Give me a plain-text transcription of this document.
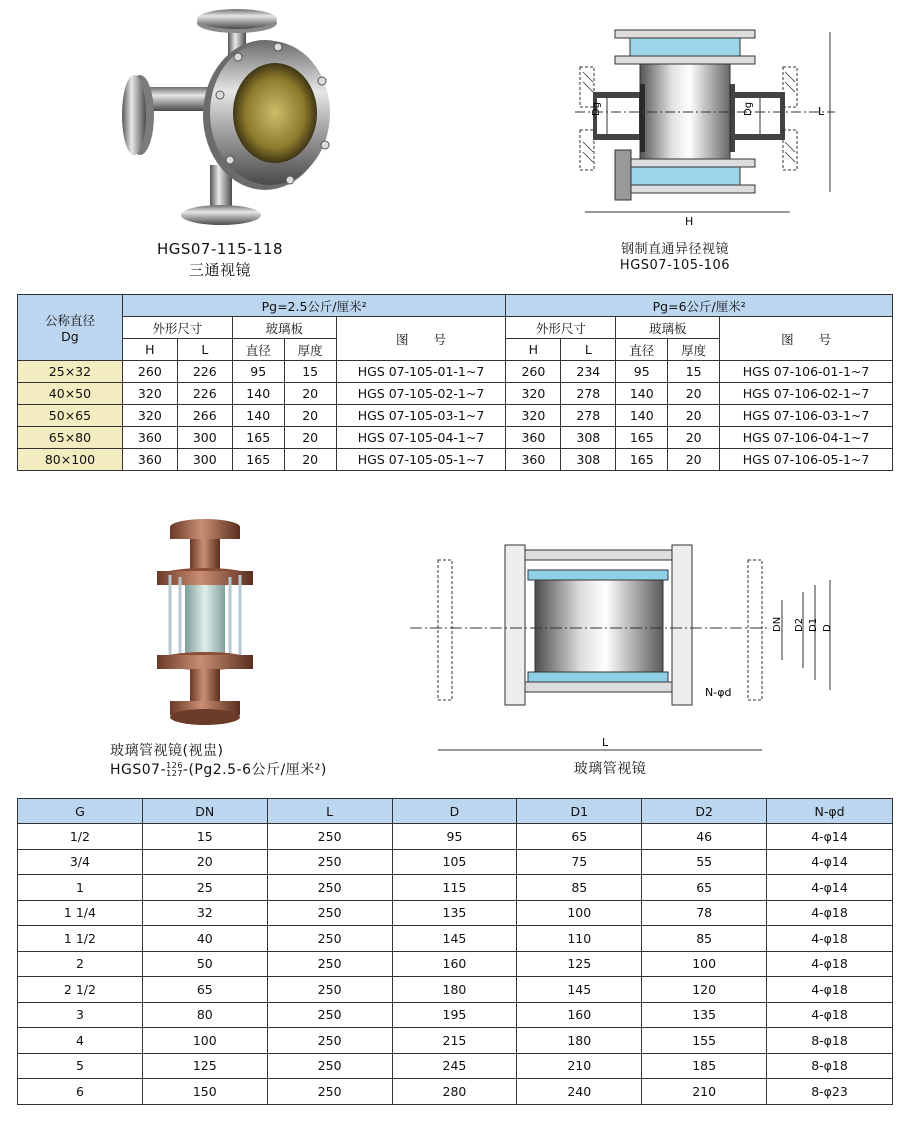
HGS07-115-118
三通视镜
Dg	Dg	L
H
钢制直通异径视镜
HGS07-105-106
公称直径
Dg	Pg=2.5公斤/厘米²					Pg=6公斤/厘米²				
	外形尺寸		玻璃板		图　　号	外形尺寸		玻璃板		图　　号
	H	L	直径	厚度		H	L	直径	厚度	
25×32	260	226	95	15	HGS 07-105-01-1~7	260	234	95	15	HGS 07-106-01-1~7
40×50	320	226	140	20	HGS 07-105-02-1~7	320	278	140	20	HGS 07-106-02-1~7
50×65	320	266	140	20	HGS 07-105-03-1~7	320	278	140	20	HGS 07-106-03-1~7
65×80	360	300	165	20	HGS 07-105-04-1~7	360	308	165	20	HGS 07-106-04-1~7
80×100	360	300	165	20	HGS 07-105-05-1~7	360	308	165	20	HGS 07-106-05-1~7
玻璃管视镜(视盅)
HGS07- 126
127 -(Pg2.5-6公斤/厘米²)
DN D2 D1 D
N-φd
L
玻璃管视镜
G	DN	L	D	D1	D2	N-φd
1/2	15	250	95	65	46	4-φ14
3/4	20	250	105	75	55	4-φ14
1	25	250	115	85	65	4-φ14
1 1/4	32	250	135	100	78	4-φ18
1 1/2	40	250	145	110	85	4-φ18
2	50	250	160	125	100	4-φ18
2 1/2	65	250	180	145	120	4-φ18
3	80	250	195	160	135	4-φ18
4	100	250	215	180	155	8-φ18
5	125	250	245	210	185	8-φ18
6	150	250	280	240	210	8-φ23
